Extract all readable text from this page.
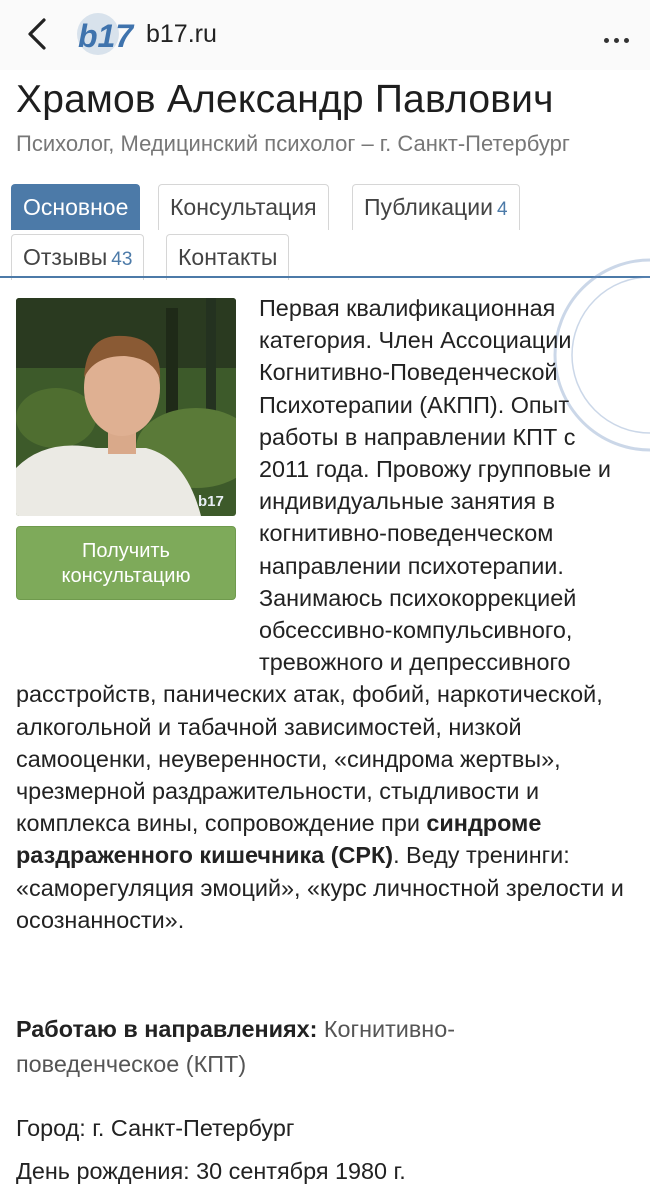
b17 b17.ru
Храмов Александр Павлович
Психолог, Медицинский психолог – г. Санкт-Петербург
Основное	Консультация	Публикации 4
Отзывы 43	Контакты
b17
Получить
консультацию

Первая квалификационная категория. Член Ассоциации Когнитивно-Поведенческой Психотерапии (АКПП). Опыт работы в направлении КПТ с 2011 года. Провожу групповые и индивидуальные занятия в когнитивно-поведенческом направлении психотерапии. Занимаюсь психокоррекцией обсессивно-компульсивного, тревожного и депрессивного расстройств, панических атак, фобий, наркотической, алкогольной и табачной зависимостей, низкой самооценки, неуверенности, «синдрома жертвы», чрезмерной раздражительности, стыдливости и комплекса вины, сопровождение при синдроме раздраженного кишечника (СРК). Веду тренинги: «саморегуляция эмоций», «курс личностной зрелости и осознанности».

Работаю в направлениях: Когнитивно-поведенческое (КПТ)

Город: г. Санкт-Петербург
День рождения: 30 сентября 1980 г.
